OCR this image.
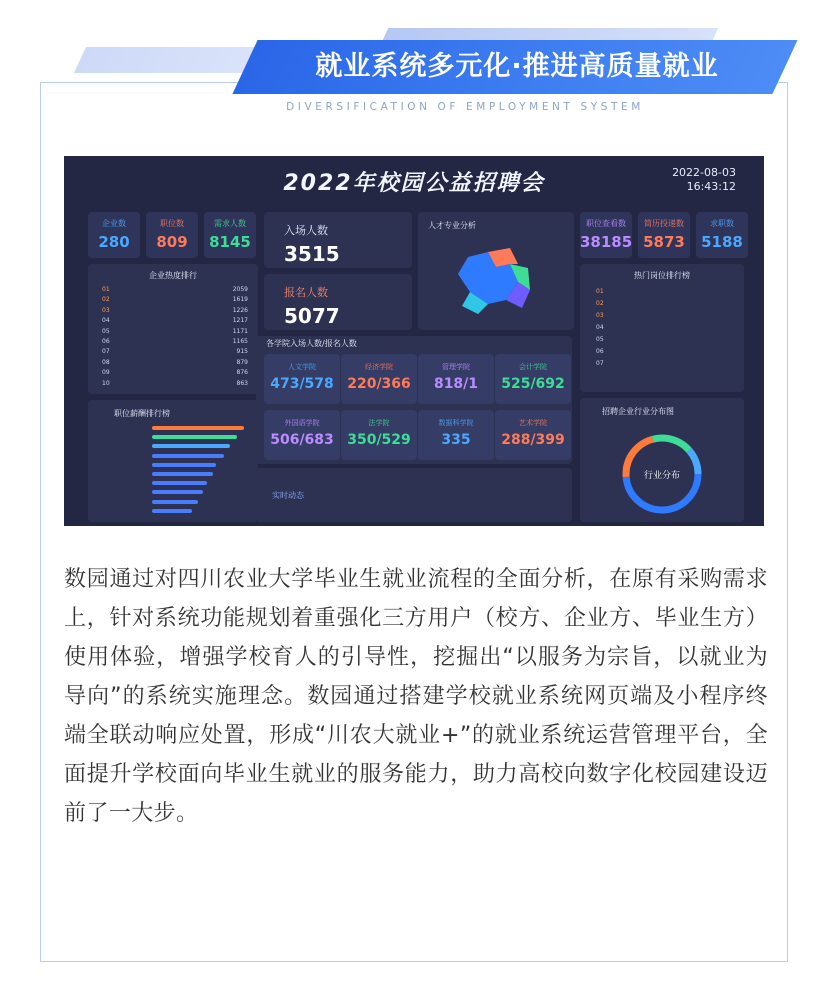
就业系统多元化·推进高质量就业
DIVERSIFICATION OF EMPLOYMENT SYSTEM
2022年校园公益招聘会	2022-08-03
16:43:12
企业数
280
职位数
809
需求人数
8145
企业热度排行
01	2059
02	1619
03	1226
04	1217
05	1171
06	1165
07	915
08	879
09	876
10	863
职位薪酬排行榜
入场人数
3515
报名人数
5077
人才专业分析
各学院入场人数/报名人数
人文学院
473/578
经济学院
220/366
管理学院
818/1
会计学院
525/692
外国语学院
506/683
法学院
350/529
数据科学院
335
艺术学院
288/399
实时动态
职位查看数
38185
简历投递数
5873
求职数
5188
热门岗位排行榜
01
02
03
04
05
06
07
招聘企业行业分布图
行业分布
数园通过对四川农业大学毕业生就业流程的全面分析，在原有采购需求上，针对系统功能规划着重强化三方用户（校方、企业方、毕业生方）使用体验，增强学校育人的引导性，挖掘出“以服务为宗旨，以就业为导向”的系统实施理念。数园通过搭建学校就业系统网页端及小程序终端全联动响应处置，形成“川农大就业+”的就业系统运营管理平台，全面提升学校面向毕业生就业的服务能力，助力高校向数字化校园建设迈前了一大步。
